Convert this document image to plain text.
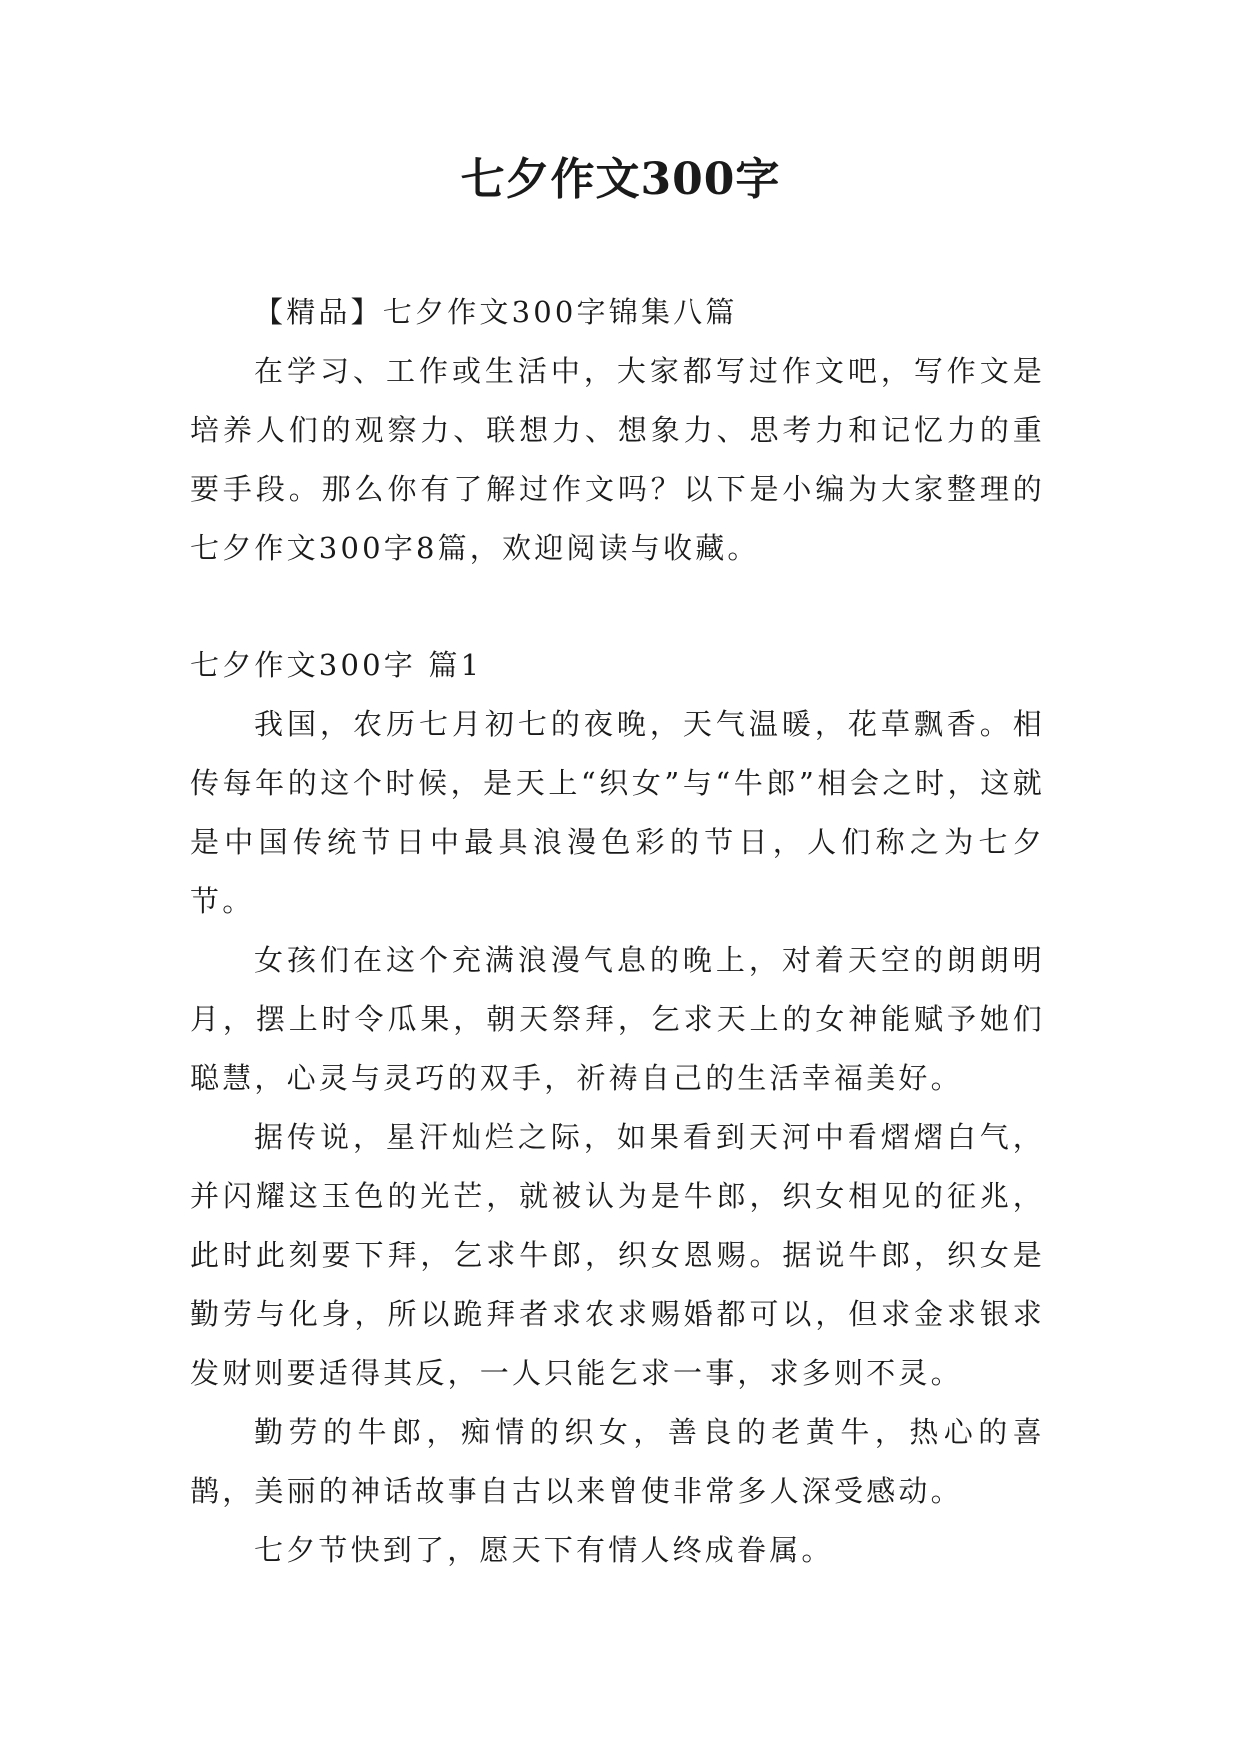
七夕作文300字

【精品】七夕作文300字锦集八篇

在学习、工作或生活中，大家都写过作文吧，写作文是培养人们的观察力、联想力、想象力、思考力和记忆力的重要手段。那么你有了解过作文吗？以下是小编为大家整理的七夕作文300字8篇，欢迎阅读与收藏。

七夕作文300字 篇1

我国，农历七月初七的夜晚，天气温暖，花草飘香。相传每年的这个时候，是天上“织女”与“牛郎”相会之时，这就是中国传统节日中最具浪漫色彩的节日，人们称之为七夕节。

女孩们在这个充满浪漫气息的晚上，对着天空的朗朗明月，摆上时令瓜果，朝天祭拜，乞求天上的女神能赋予她们聪慧，心灵与灵巧的双手，祈祷自己的生活幸福美好。

据传说，星汗灿烂之际，如果看到天河中看熠熠白气，并闪耀这玉色的光芒，就被认为是牛郎，织女相见的征兆，此时此刻要下拜，乞求牛郎，织女恩赐。据说牛郎，织女是勤劳与化身，所以跪拜者求农求赐婚都可以，但求金求银求发财则要适得其反，一人只能乞求一事，求多则不灵。

勤劳的牛郎，痴情的织女，善良的老黄牛，热心的喜鹊，美丽的神话故事自古以来曾使非常多人深受感动。

七夕节快到了，愿天下有情人终成眷属。
